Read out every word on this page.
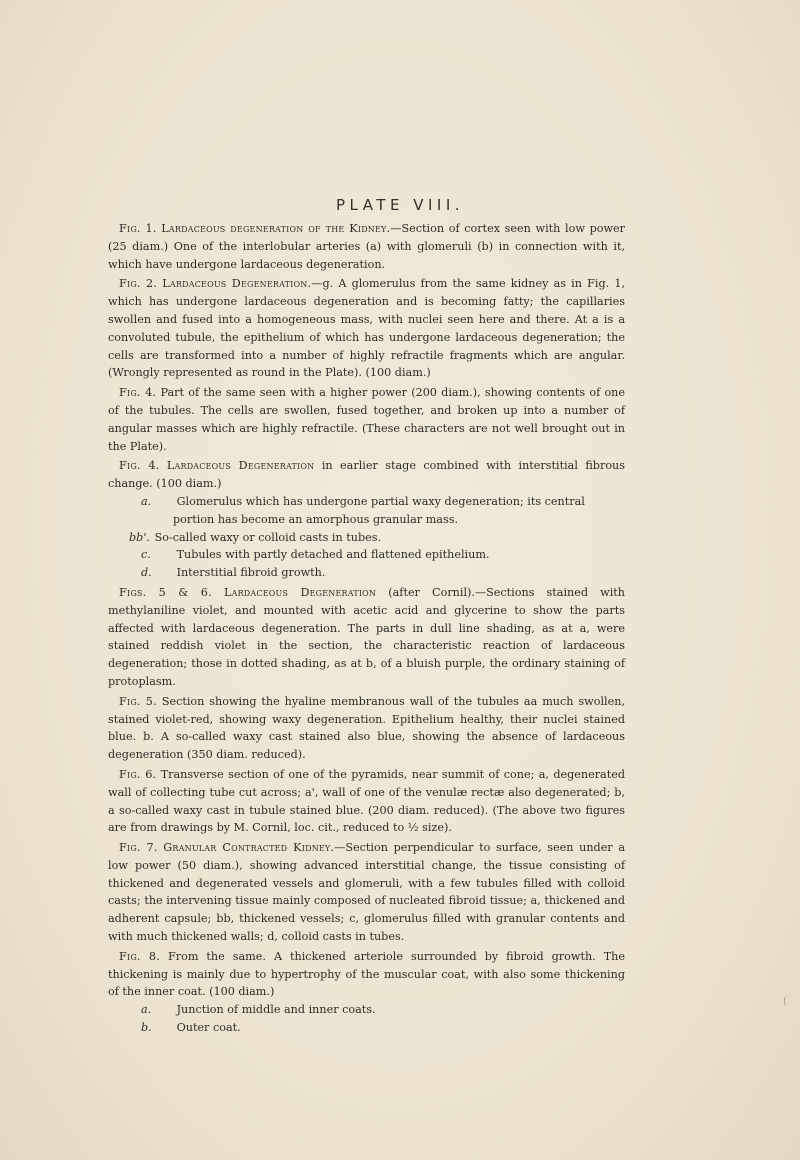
PLATE VIII.

Fig. 1. Lardaceous degeneration of the Kidney.—Section of cortex seen with low power (25 diam.) One of the interlobular arteries (a) with glomeruli (b) in connection with it, which have undergone lardaceous degeneration.

Fig. 2. Lardaceous Degeneration.—g. A glomerulus from the same kidney as in Fig. 1, which has undergone lardaceous degeneration and is becoming fatty; the capillaries swollen and fused into a homogeneous mass, with nuclei seen here and there. At a is a convoluted tubule, the epithelium of which has undergone lardaceous degeneration; the cells are transformed into a number of highly refractile fragments which are angular. (Wrongly represented as round in the Plate). (100 diam.)

Fig. 4. Part of the same seen with a higher power (200 diam.), showing contents of one of the tubules. The cells are swollen, fused together, and broken up into a number of angular masses which are highly refractile. (These characters are not well brought out in the Plate).

Fig. 4. Lardaceous Degeneration in earlier stage combined with interstitial fibrous change. (100 diam.)

a. Glomerulus which has undergone partial waxy degeneration; its central portion has become an amorphous granular mass.

bb'. So-called waxy or colloid casts in tubes.

c. Tubules with partly detached and flattened epithelium.

d. Interstitial fibroid growth.

Figs. 5 & 6. Lardaceous Degeneration (after Cornil).—Sections stained with methylaniline violet, and mounted with acetic acid and glycerine to show the parts affected with lardaceous degeneration. The parts in dull line shading, as at a, were stained reddish violet in the section, the characteristic reaction of lardaceous degeneration; those in dotted shading, as at b, of a bluish purple, the ordinary staining of protoplasm.

Fig. 5. Section showing the hyaline membranous wall of the tubules aa much swollen, stained violet-red, showing waxy degeneration. Epithelium healthy, their nuclei stained blue. b. A so-called waxy cast stained also blue, showing the absence of lardaceous degeneration (350 diam. reduced).

Fig. 6. Transverse section of one of the pyramids, near summit of cone; a, degenerated wall of collecting tube cut across; a', wall of one of the venulæ rectæ also degenerated; b, a so-called waxy cast in tubule stained blue. (200 diam. reduced). (The above two figures are from drawings by M. Cornil, loc. cit., reduced to ½ size).

Fig. 7. Granular Contracted Kidney.—Section perpendicular to surface, seen under a low power (50 diam.), showing advanced interstitial change, the tissue consisting of thickened and degenerated vessels and glomeruli, with a few tubules filled with colloid casts; the intervening tissue mainly composed of nucleated fibroid tissue; a, thickened and adherent capsule; bb, thickened vessels; c, glomerulus filled with granular contents and with much thickened walls; d, colloid casts in tubes.

Fig. 8. From the same. A thickened arteriole surrounded by fibroid growth. The thickening is mainly due to hypertrophy of the muscular coat, with also some thickening of the inner coat. (100 diam.)

a. Junction of middle and inner coats.

b. Outer coat.

(
